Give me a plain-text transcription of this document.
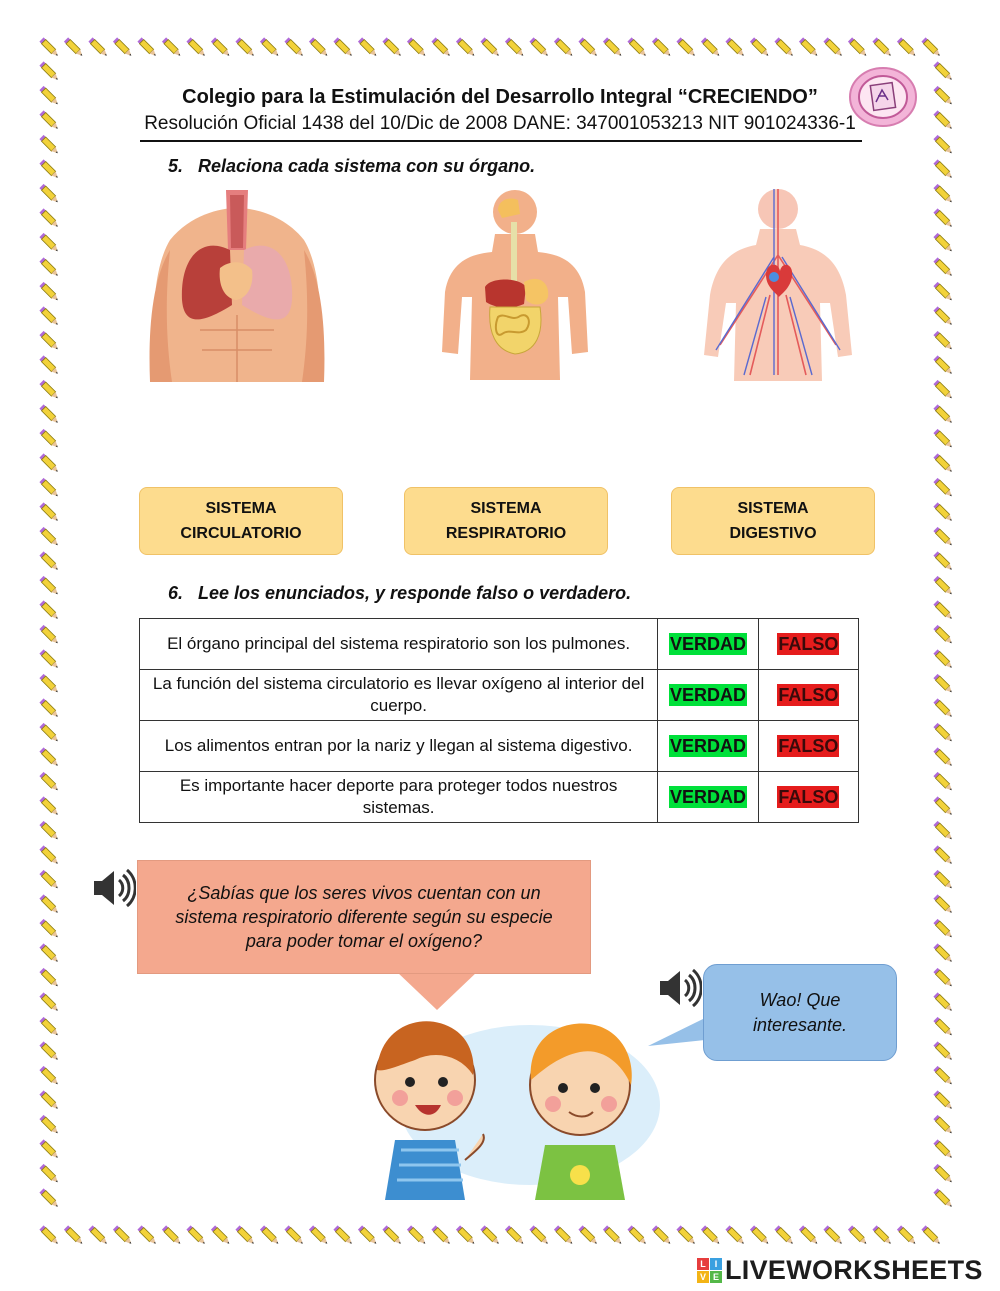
Colegio para la Estimulación del Desarrollo Integral “CRECIENDO”
Resolución Oficial 1438 del 10/Dic de 2008 DANE: 347001053213 NIT 901024336-1
5. Relaciona cada sistema con su órgano.
SISTEMA
CIRCULATORIO
SISTEMA
RESPIRATORIO
SISTEMA
DIGESTIVO
6. Lee los enunciados, y responde falso o verdadero.
El órgano principal del sistema respiratorio son los pulmones.	VERDAD	FALSO
La función del sistema circulatorio es llevar oxígeno al interior del cuerpo.	VERDAD	FALSO
Los alimentos entran por la nariz y llegan al sistema digestivo.	VERDAD	FALSO
Es importante hacer deporte para proteger todos nuestros sistemas.	VERDAD	FALSO
¿Sabías que los seres vivos cuentan con un
sistema respiratorio diferente según su especie
para poder tomar el oxígeno?
Wao! Que
interesante.
L I
V E LIVEWORKSHEETS
